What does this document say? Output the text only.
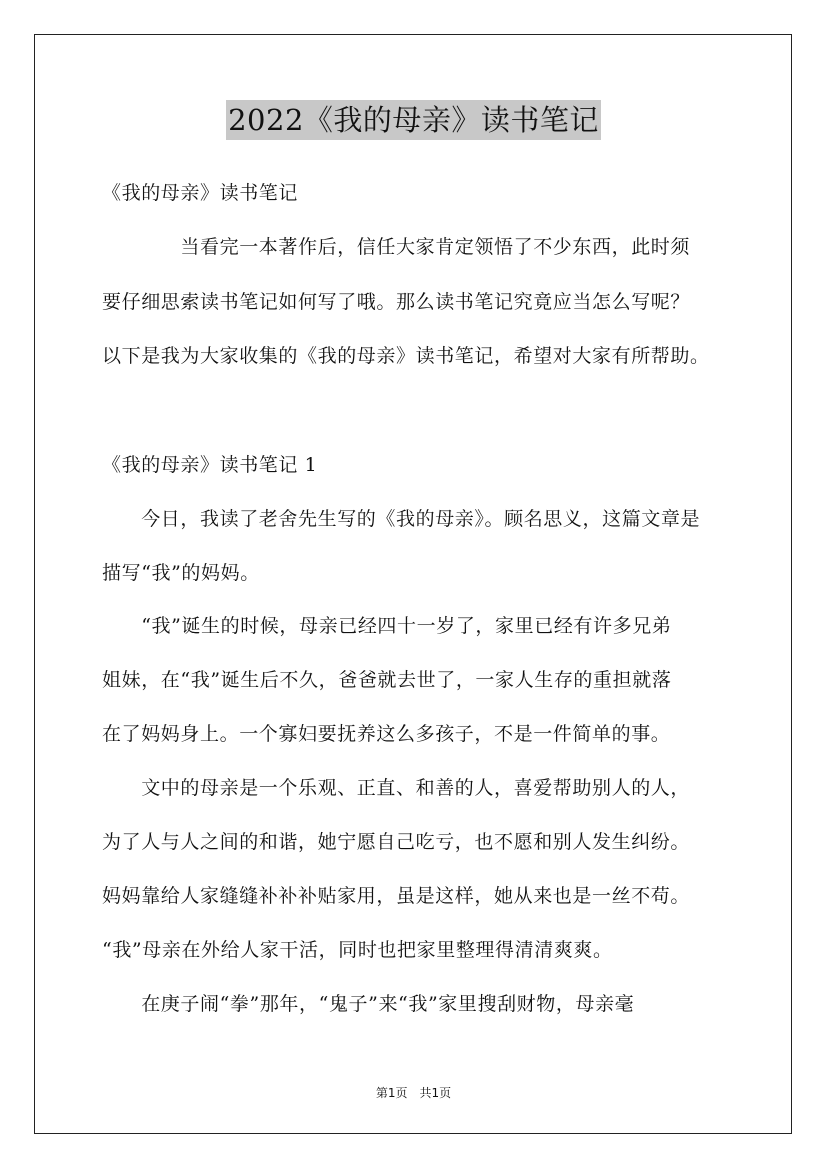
2022《我的母亲》读书笔记
《我的母亲》读书笔记
　　　　当看完一本著作后，信任大家肯定领悟了不少东西，此时须
要仔细思索读书笔记如何写了哦。那么读书笔记究竟应当怎么写呢？
以下是我为大家收集的《我的母亲》读书笔记，希望对大家有所帮助。
《我的母亲》读书笔记 1
　　今日，我读了老舍先生写的《我的母亲》。顾名思义，这篇文章是
描写“我”的妈妈。
　　“我”诞生的时候，母亲已经四十一岁了，家里已经有许多兄弟
姐妹，在“我”诞生后不久，爸爸就去世了，一家人生存的重担就落
在了妈妈身上。一个寡妇要抚养这么多孩子，不是一件简单的事。
　　文中的母亲是一个乐观、正直、和善的人，喜爱帮助别人的人，
为了人与人之间的和谐，她宁愿自己吃亏，也不愿和别人发生纠纷。
妈妈靠给人家缝缝补补补贴家用，虽是这样，她从来也是一丝不苟。
“我”母亲在外给人家干活，同时也把家里整理得清清爽爽。
　　在庚子闹“拳”那年，“鬼子”来“我”家里搜刮财物，母亲毫
第1页　共1页
